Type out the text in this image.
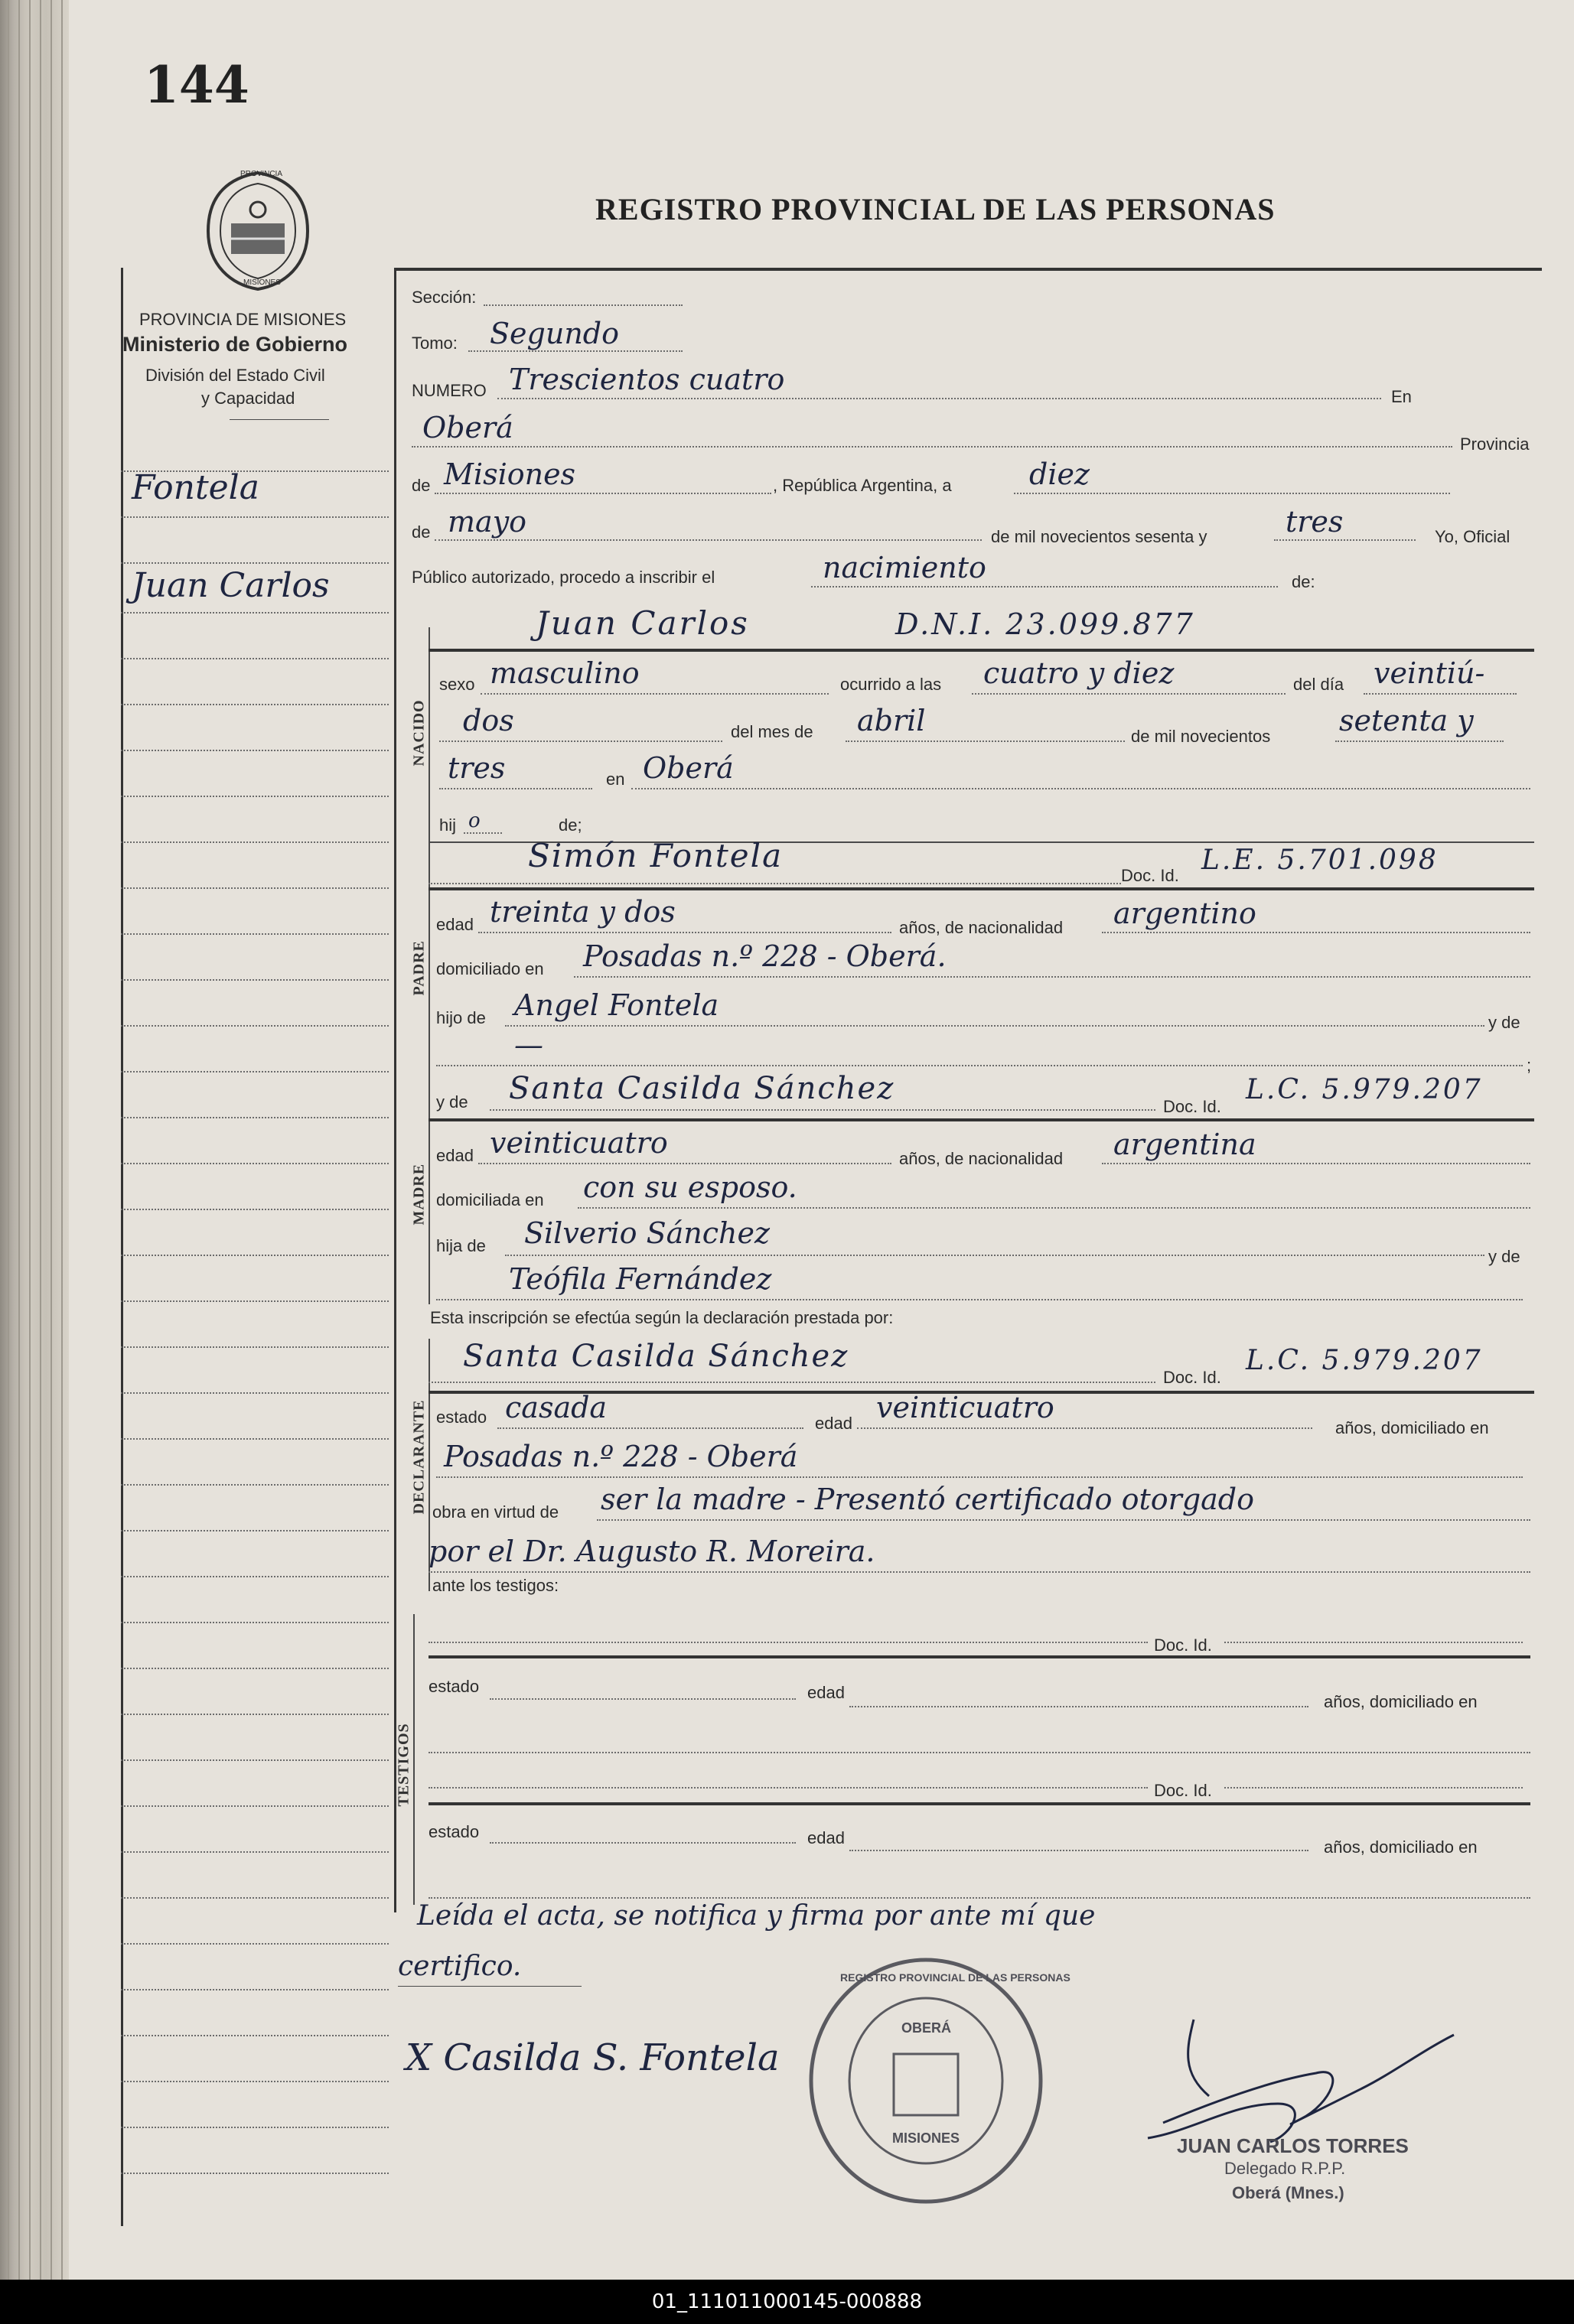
144
REGISTRO PROVINCIAL DE LAS PERSONAS
PROVINCIA
MISIONES
PROVINCIA DE MISIONES
Ministerio de Gobierno
División del Estado Civil
y Capacidad
Fontela
Juan Carlos
Sección:
Tomo: Segundo
NUMERO Trescientos cuatro
En
Oberá	Provincia
de Misiones	, República Argentina, a	diez
de mayo	de mil novecientos sesenta y	tres	Yo, Oficial
Público autorizado, procedo a inscribir el	nacimiento	de:
NACIDO
Juan Carlos	D.N.I. 23.099.877
sexo masculino	ocurrido a las cuatro y diez	del día veintiú-
dos	del mes de abril	de mil novecientos setenta y
tres	en Oberá
hij o	de;
PADRE
Simón Fontela
Doc. Id. L.E. 5.701.098
edad treinta y dos	años, de nacionalidad argentino
domiciliado en Posadas n.º 228 - Oberá.
hijo de Angel Fontela
y de
—
;
MADRE
y de Santa Casilda Sánchez
Doc. Id.
L.C. 5.979.207
edad veinticuatro	años, de nacionalidad argentina
domiciliada en con su esposo.
hija de Silverio Sánchez
y de
Teófila Fernández
Esta inscripción se efectúa según la declaración prestada por:
DECLARANTE
Santa Casilda Sánchez
Doc. Id.
L.C. 5.979.207
estado casada	edad veinticuatro
años, domiciliado en
Posadas n.º 228 - Oberá
obra en virtud de ser la madre - Presentó certificado otorgado
por el Dr. Augusto R. Moreira.
ante los testigos:
TESTIGOS
Doc. Id.
estado	edad	años, domiciliado en
Doc. Id.
estado	edad	años, domiciliado en
Leída el acta, se notifica y firma por ante mí que
certifico.
X Casilda S. Fontela
REGISTRO PROVINCIAL DE LAS PERSONAS
OBERÁ
MISIONES	JUAN CARLOS TORRES
Delegado R.P.P.
Oberá (Mnes.)
01_111011000145-000888
